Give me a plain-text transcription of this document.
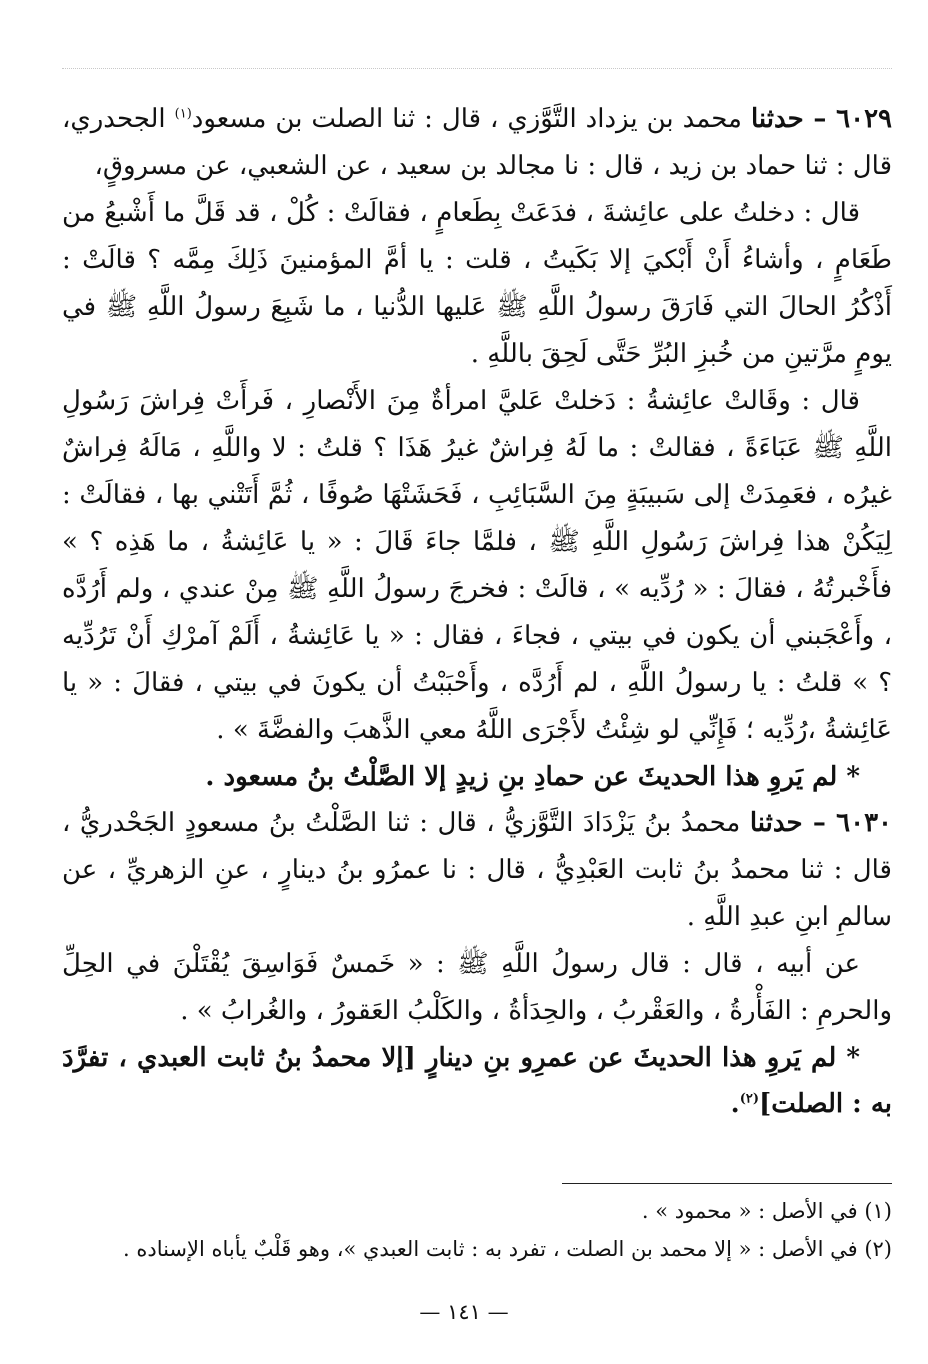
٦٠٢٩ – حدثنا محمد بن يزداد التَّوَّزي ، قال : ثنا الصلت بن مسعود$^{(١)}$ الجحدري، قال : ثنا حماد بن زيد ، قال : نا مجالد بن سعيد ، عن الشعبي، عن مسروقٍ،

قال : دخلتُ على عائِشةَ ، فدَعَتْ بِطَعامٍ ، فقالَتْ : كُلْ ، قد قَلَّ ما أَشْبعُ من طَعَامٍ ، وأشاءُ أَنْ أَبْكيَ إلا بَكَيتُ ، قلت : يا أمَّ المؤمنينَ ذَلِكَ مِمَّه ؟ قالَتْ : أَذْكُرُ الحالَ التي فَارَقَ رسولُ اللَّهِ ﷺ عَليها الدُّنيا ، ما شَبِعَ رسولُ اللَّهِ ﷺ في يومٍ مرَّتينِ من خُبزِ البُرِّ حَتَّى لَحِقَ باللَّهِ .

قال : وقَالتْ عائِشةُ : دَخلتْ عَليَّ امرأةٌ مِنَ الأَنْصارِ ، فَرأَتْ فِراشَ رَسُولِ اللَّهِ ﷺ عَبَاءَةً ، فقالتْ : ما لَهُ فِراشٌ غيرُ هَذَا ؟ قلتُ : لا واللَّهِ ، مَالَهُ فِراشٌ غيرُه ، فعَمِدَتْ إلى سَبيبَةٍ مِنَ السَّبَائِبِ ، فَحَشَتْهَا صُوفًا ، ثُمَّ أَتَتْني بها ، فقالَتْ : لِيَكُنْ هذا فِراشَ رَسُولِ اللَّهِ ﷺ ، فلمَّا جاءَ قَالَ : « يا عَائِشةُ ، ما هَذِه ؟ » فأَخْبرتُهُ ، فقالَ : « رُدِّيه » ، قالَتْ : فخرجَ رسولُ اللَّهِ ﷺ مِنْ عندي ، ولم أَرُدَّه ، وأَعْجَبني أن يكون في بيتي ، فجاءَ ، فقال : « يا عَائِشةُ ، أَلَمْ آمرْكِ أَنْ تَرُدِّيه ؟ » قلتُ : يا رسولُ اللَّهِ ، لم أَرُدَّه ، وأَحْبَبْتُ أن يكونَ في بيتي ، فقالَ : « يا عَائِشةُ ،رُدِّيه ؛ فَإِنِّي لو شِئْتُ لأَجْرَى اللَّهُ معي الذَّهبَ والفضَّةَ » .

* لم يَروِ هذا الحديثَ عن حمادِ بنِ زيدٍ إلا الصَّلْتُ بنُ مسعود .

٦٠٣٠ – حدثنا محمدُ بنُ يَزْدَادَ التَّوَّزيُّ ، قال : ثنا الصَّلْتُ بنُ مسعودٍ الجَحْدريُّ ، قال : ثنا محمدُ بنُ ثابت العَبْدِيُّ ، قال : نا عمرُو بنُ دينارٍ ، عنِ الزهريِّ ، عن سالمِ ابنِ عبدِ اللَّهِ .

عن أبيه ، قال : قال رسولُ اللَّهِ ﷺ : « خَمسٌ فَوَاسِقَ يُقْتَلْنَ في الحِلِّ والحرمِ : الفَأْرةُ ، والعَقْربُ ، والحِدَأةُ ، والكَلْبُ العَقورُ ، والغُرابُ » .

* لم يَروِ هذا الحديثَ عن عمرِو بنِ دينارٍ [إلا محمدُ بنُ ثابت العبدي ، تفرَّدَ به : الصلت]$^{(٢)}$.

(١) في الأصل : « محمود » .

(٢) في الأصل : « إلا محمد بن الصلت ، تفرد به : ثابت العبدي »، وهو قَلْبٌ يأباه الإسناده .

— ١٤١ —
